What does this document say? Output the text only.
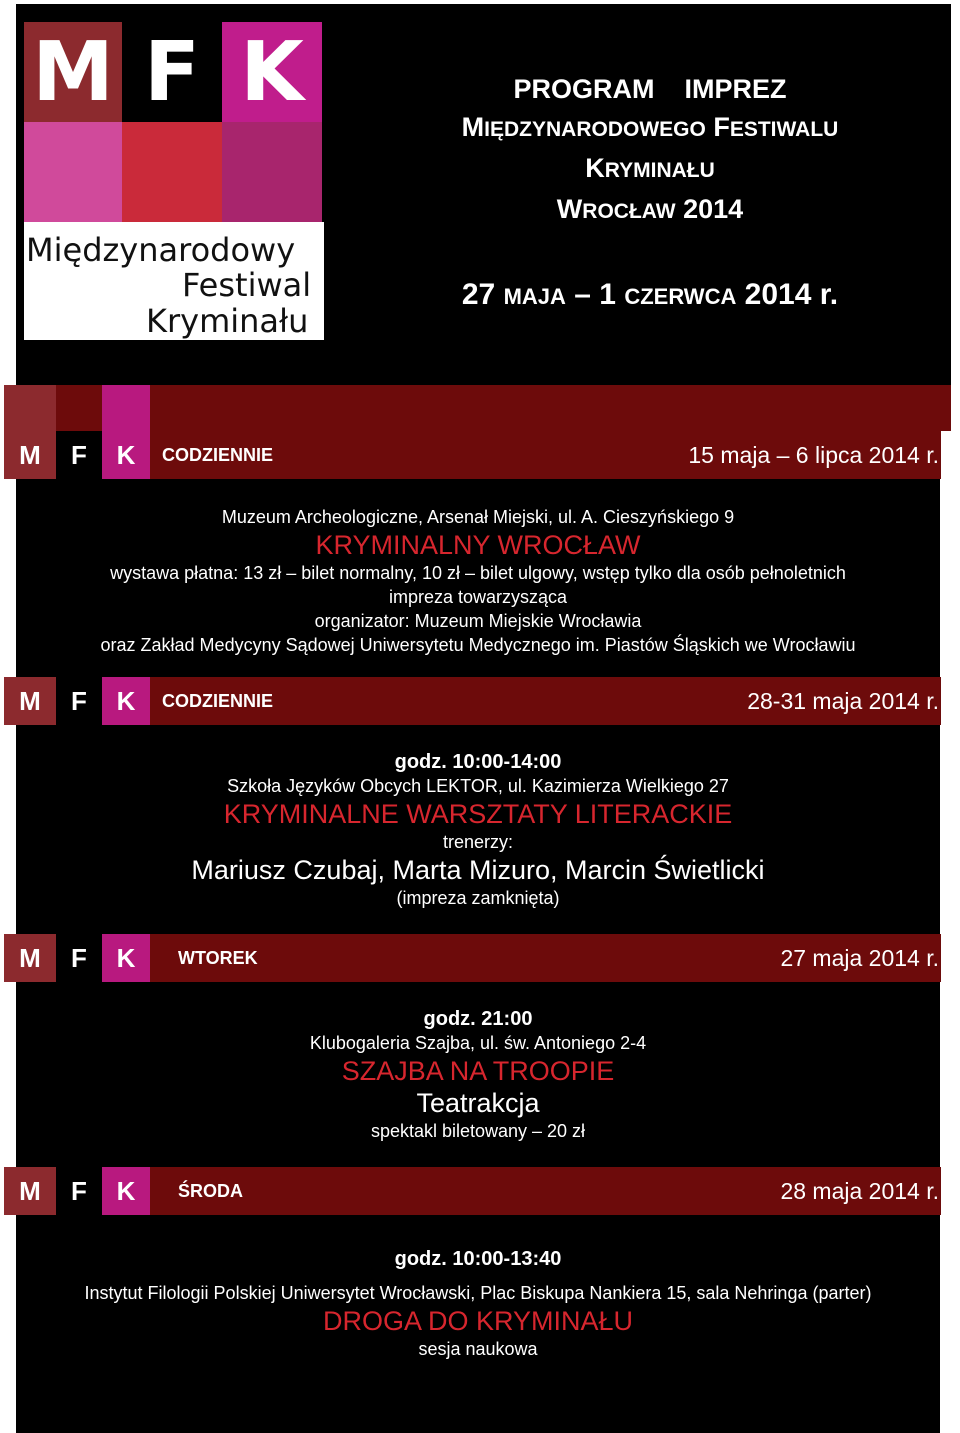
M F K
Międzynarodowy
Festiwal
Kryminału
PROGRAM    IMPREZ
MIĘDZYNARODOWEGO FESTIWALU
KRYMINAŁU
WROCŁAW 2014
27 MAJA – 1 CZERWCA 2014 r.
M	F	K	CODZIENNIE	15 maja – 6 lipca 2014 r.
Muzeum Archeologiczne, Arsenał Miejski, ul. A. Cieszyńskiego 9
KRYMINALNY WROCŁAW
wystawa płatna: 13 zł – bilet normalny, 10 zł – bilet ulgowy, wstęp tylko dla osób pełnoletnich
impreza towarzysząca
organizator: Muzeum Miejskie Wrocławia
oraz Zakład Medycyny Sądowej Uniwersytetu Medycznego im. Piastów Śląskich we Wrocławiu
M	F	K	CODZIENNIE	28-31 maja 2014 r.
godz. 10:00-14:00
Szkoła Języków Obcych LEKTOR, ul. Kazimierza Wielkiego 27
KRYMINALNE WARSZTATY LITERACKIE
trenerzy:
Mariusz Czubaj, Marta Mizuro, Marcin Świetlicki
(impreza zamknięta)
M	F	K	WTOREK	27 maja 2014 r.
godz. 21:00
Klubogaleria Szajba, ul. św. Antoniego 2-4
SZAJBA NA TROOPIE
Teatrakcja
spektakl biletowany – 20 zł
M	F	K	ŚRODA	28 maja 2014 r.
godz. 10:00-13:40
Instytut Filologii Polskiej Uniwersytet Wrocławski, Plac Biskupa Nankiera 15, sala Nehringa (parter)
DROGA DO KRYMINAŁU
sesja naukowa
